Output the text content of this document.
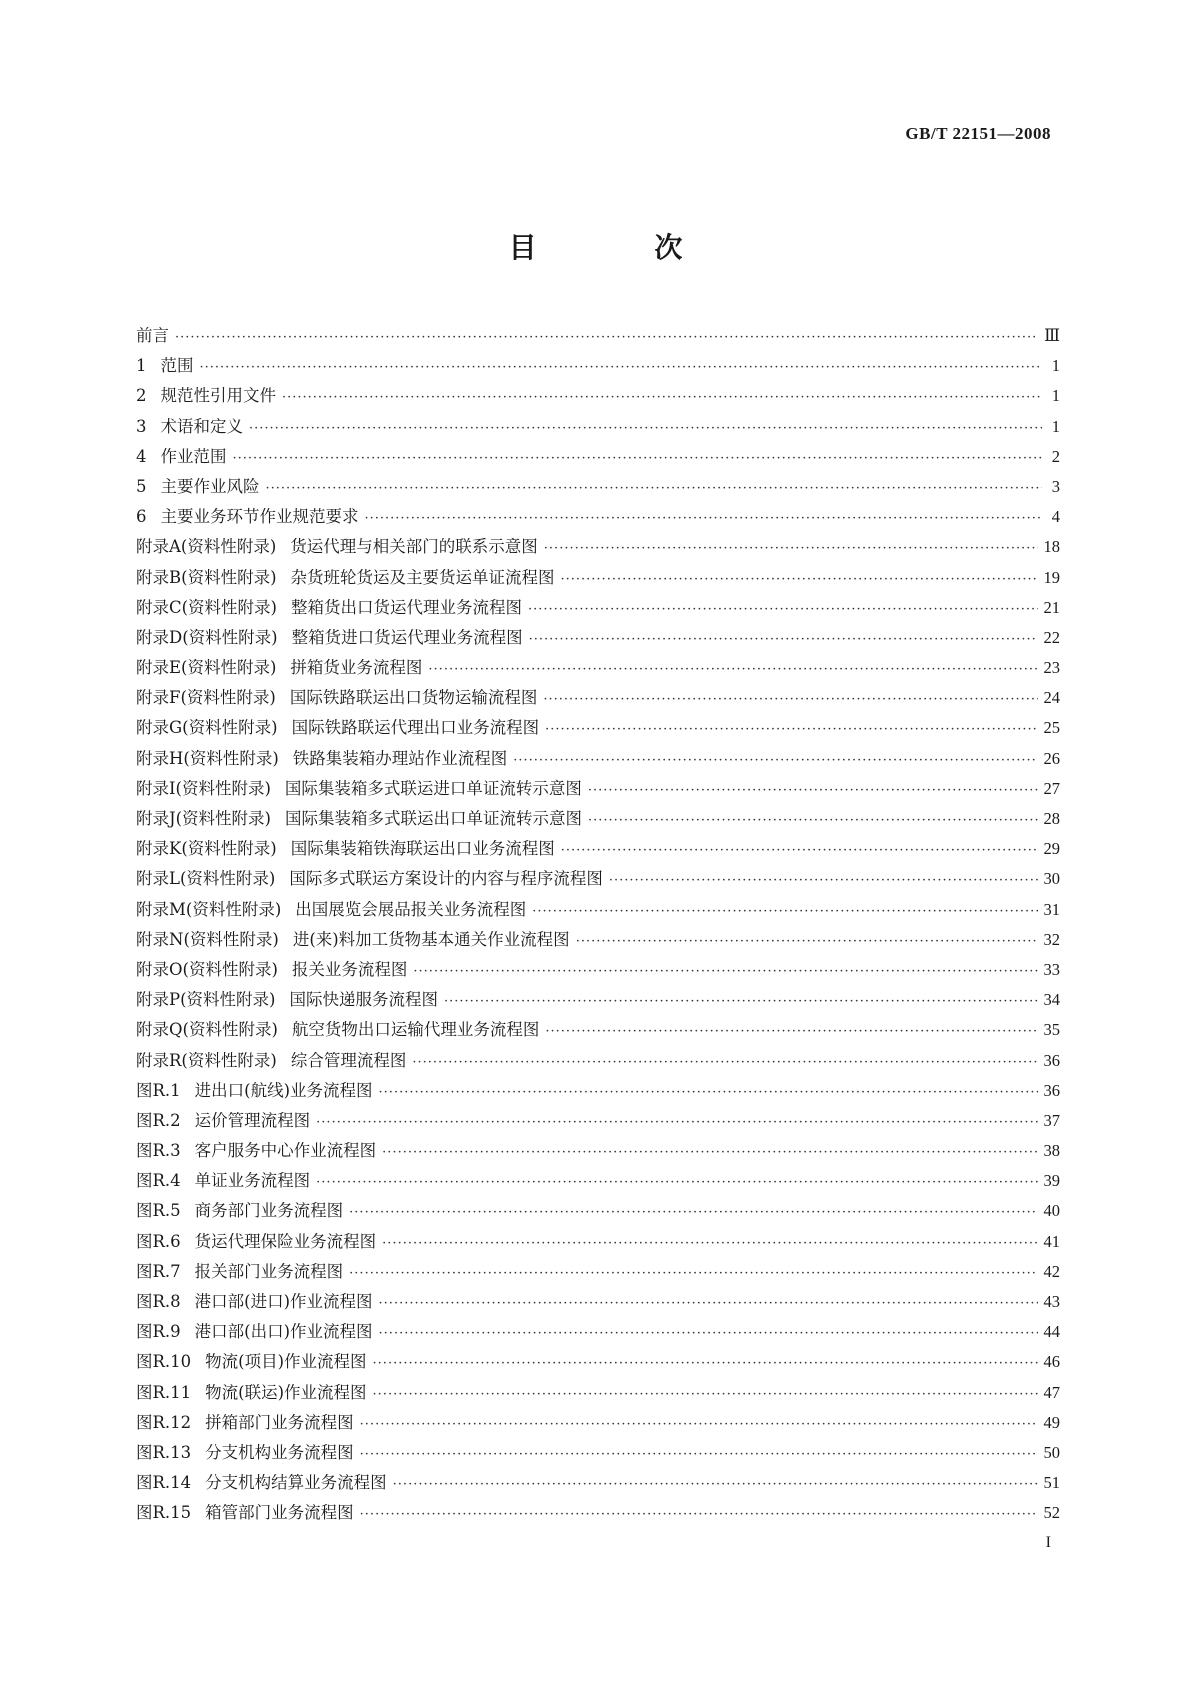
GB/T 22151—2008
目 次
前言 ·····	Ⅲ
1 范围 ·····	1
2 规范性引用文件 ·····	1
3 术语和定义 ·····	1
4 作业范围 ·····	2
5 主要作业风险 ·····	3
6 主要业务环节作业规范要求 ·····	4
附录A(资料性附录) 货运代理与相关部门的联系示意图 ·····	18
附录B(资料性附录) 杂货班轮货运及主要货运单证流程图 ·····	19
附录C(资料性附录) 整箱货出口货运代理业务流程图 ·····	21
附录D(资料性附录) 整箱货进口货运代理业务流程图 ·····	22
附录E(资料性附录) 拼箱货业务流程图 ·····	23
附录F(资料性附录) 国际铁路联运出口货物运输流程图 ·····	24
附录G(资料性附录) 国际铁路联运代理出口业务流程图 ·····	25
附录H(资料性附录) 铁路集装箱办理站作业流程图 ·····	26
附录I(资料性附录) 国际集装箱多式联运进口单证流转示意图 ·····	27
附录J(资料性附录) 国际集装箱多式联运出口单证流转示意图 ·····	28
附录K(资料性附录) 国际集装箱铁海联运出口业务流程图 ·····	29
附录L(资料性附录) 国际多式联运方案设计的内容与程序流程图 ·····	30
附录M(资料性附录) 出国展览会展品报关业务流程图 ·····	31
附录N(资料性附录) 进(来)料加工货物基本通关作业流程图 ·····	32
附录O(资料性附录) 报关业务流程图 ·····	33
附录P(资料性附录) 国际快递服务流程图 ·····	34
附录Q(资料性附录) 航空货物出口运输代理业务流程图 ·····	35
附录R(资料性附录) 综合管理流程图 ·····	36
图R.1 进出口(航线)业务流程图 ·····	36
图R.2 运价管理流程图 ·····	37
图R.3 客户服务中心作业流程图 ·····	38
图R.4 单证业务流程图 ·····	39
图R.5 商务部门业务流程图 ·····	40
图R.6 货运代理保险业务流程图 ·····	41
图R.7 报关部门业务流程图 ·····	42
图R.8 港口部(进口)作业流程图 ·····	43
图R.9 港口部(出口)作业流程图 ·····	44
图R.10 物流(项目)作业流程图 ·····	46
图R.11 物流(联运)作业流程图 ·····	47
图R.12 拼箱部门业务流程图 ·····	49
图R.13 分支机构业务流程图 ·····	50
图R.14 分支机构结算业务流程图 ·····	51
图R.15 箱管部门业务流程图 ·····	52
I
